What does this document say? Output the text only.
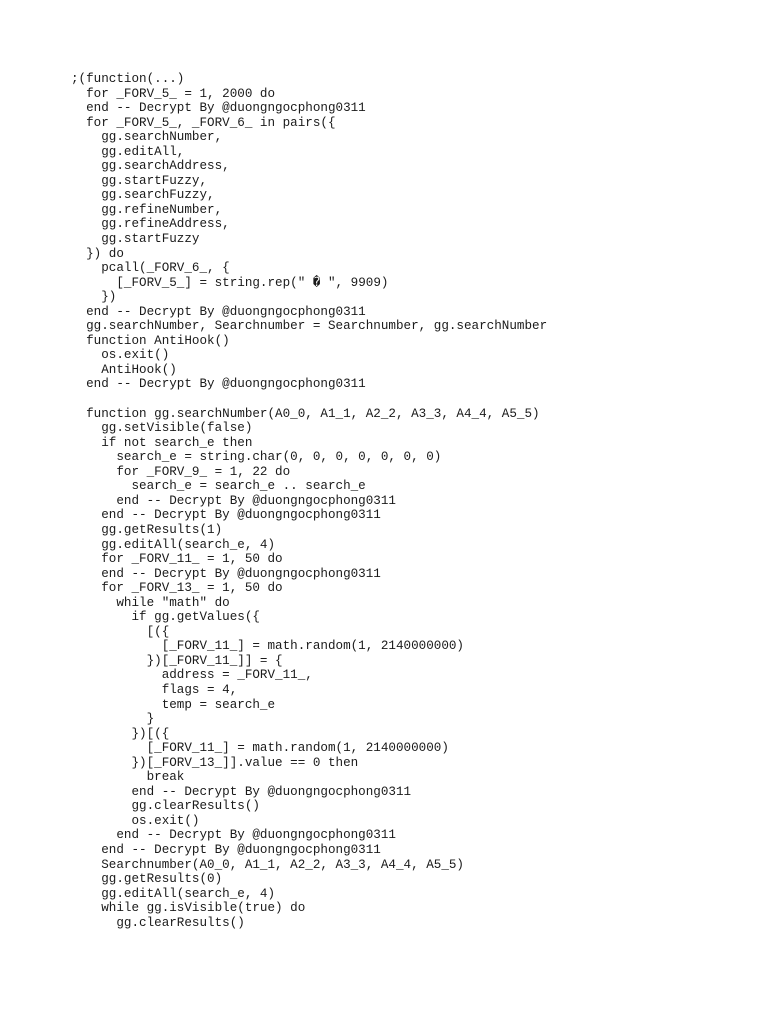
;(function(...)
for _FORV_5_ = 1, 2000 do
end -- Decrypt By @duongngocphong0311
for _FORV_5_, _FORV_6_ in pairs({
gg.searchNumber,
gg.editAll,
gg.searchAddress,
gg.startFuzzy,
gg.searchFuzzy,
gg.refineNumber,
gg.refineAddress,
gg.startFuzzy
}) do
pcall(_FORV_6_, {
[_FORV_5_] = string.rep(" � ", 9909)
})
end -- Decrypt By @duongngocphong0311
gg.searchNumber, Searchnumber = Searchnumber, gg.searchNumber
function AntiHook()
os.exit()
AntiHook()
end -- Decrypt By @duongngocphong0311
function gg.searchNumber(A0_0, A1_1, A2_2, A3_3, A4_4, A5_5)
gg.setVisible(false)
if not search_e then
search_e = string.char(0, 0, 0, 0, 0, 0, 0)
for _FORV_9_ = 1, 22 do
search_e = search_e .. search_e
end -- Decrypt By @duongngocphong0311
end -- Decrypt By @duongngocphong0311
gg.getResults(1)
gg.editAll(search_e, 4)
for _FORV_11_ = 1, 50 do
end -- Decrypt By @duongngocphong0311
for _FORV_13_ = 1, 50 do
while "math" do
if gg.getValues({
[({
[_FORV_11_] = math.random(1, 2140000000)
})[_FORV_11_]] = {
address = _FORV_11_,
flags = 4,
temp = search_e
}
})[({
[_FORV_11_] = math.random(1, 2140000000)
})[_FORV_13_]].value == 0 then
break
end -- Decrypt By @duongngocphong0311
gg.clearResults()
os.exit()
end -- Decrypt By @duongngocphong0311
end -- Decrypt By @duongngocphong0311
Searchnumber(A0_0, A1_1, A2_2, A3_3, A4_4, A5_5)
gg.getResults(0)
gg.editAll(search_e, 4)
while gg.isVisible(true) do
gg.clearResults()
